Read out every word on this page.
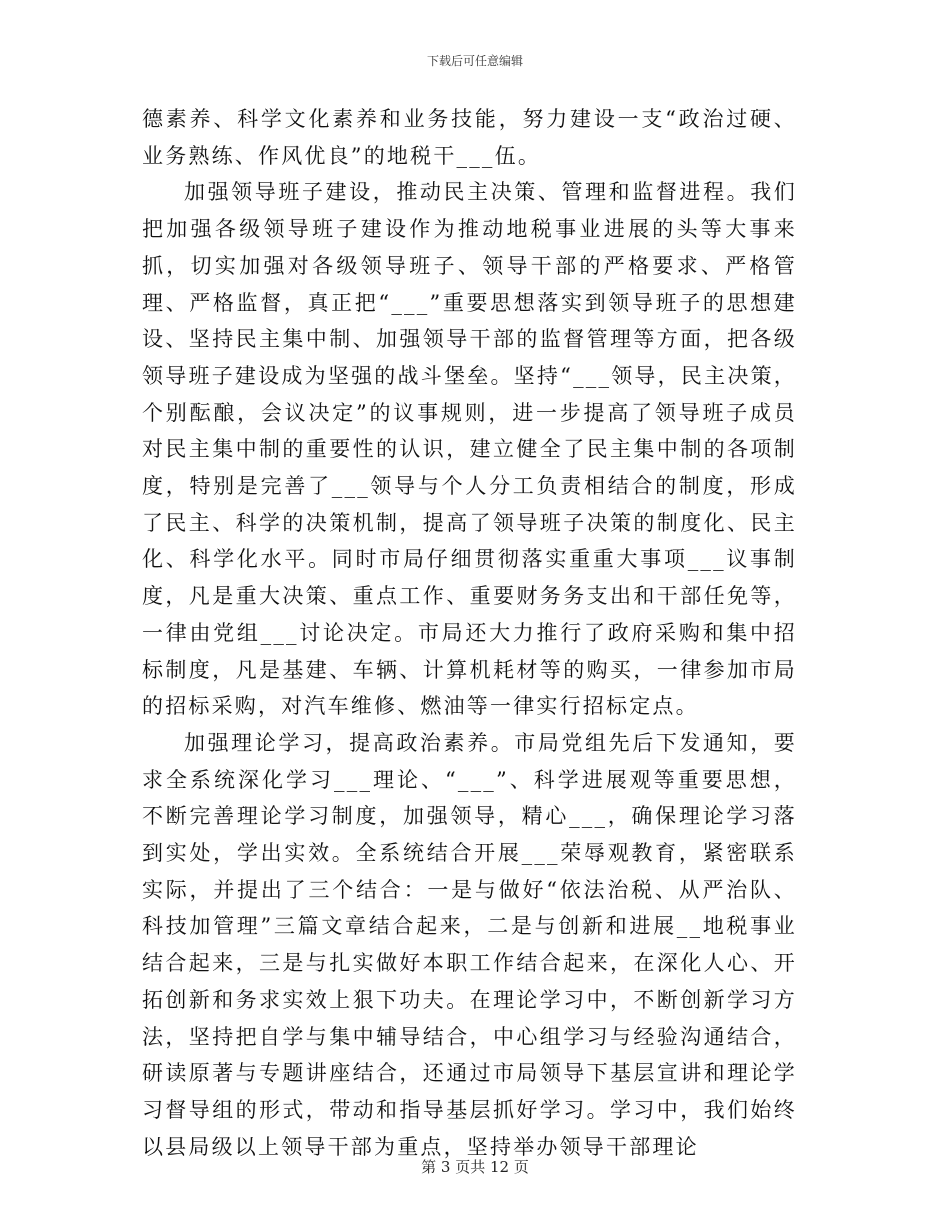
下载后可任意编辑

德素养、科学文化素养和业务技能，努力建设一支“政治过硬、业务熟练、作风优良”的地税干___伍。

加强领导班子建设，推动民主决策、管理和监督进程。我们把加强各级领导班子建设作为推动地税事业进展的头等大事来抓，切实加强对各级领导班子、领导干部的严格要求、严格管理、严格监督，真正把“___”重要思想落实到领导班子的思想建设、坚持民主集中制、加强领导干部的监督管理等方面，把各级领导班子建设成为坚强的战斗堡垒。坚持“___领导，民主决策，个别酝酿，会议决定”的议事规则，进一步提高了领导班子成员对民主集中制的重要性的认识，建立健全了民主集中制的各项制度，特别是完善了___领导与个人分工负责相结合的制度，形成了民主、科学的决策机制，提高了领导班子决策的制度化、民主化、科学化水平。同时市局仔细贯彻落实重重大事项___议事制度，凡是重大决策、重点工作、重要财务务支出和干部任免等，一律由党组___讨论决定。市局还大力推行了政府采购和集中招标制度，凡是基建、车辆、计算机耗材等的购买，一律参加市局的招标采购，对汽车维修、燃油等一律实行招标定点。

加强理论学习，提高政治素养。市局党组先后下发通知，要求全系统深化学习___理论、“___”、科学进展观等重要思想，不断完善理论学习制度，加强领导，精心___，确保理论学习落到实处，学出实效。全系统结合开展___荣辱观教育，紧密联系实际，并提出了三个结合：一是与做好“依法治税、从严治队、科技加管理”三篇文章结合起来，二是与创新和进展__地税事业结合起来，三是与扎实做好本职工作结合起来，在深化人心、开拓创新和务求实效上狠下功夫。在理论学习中，不断创新学习方法，坚持把自学与集中辅导结合，中心组学习与经验沟通结合，研读原著与专题讲座结合，还通过市局领导下基层宣讲和理论学习督导组的形式，带动和指导基层抓好学习。学习中，我们始终以县局级以上领导干部为重点，坚持举办领导干部理论

第 3 页共 12 页
